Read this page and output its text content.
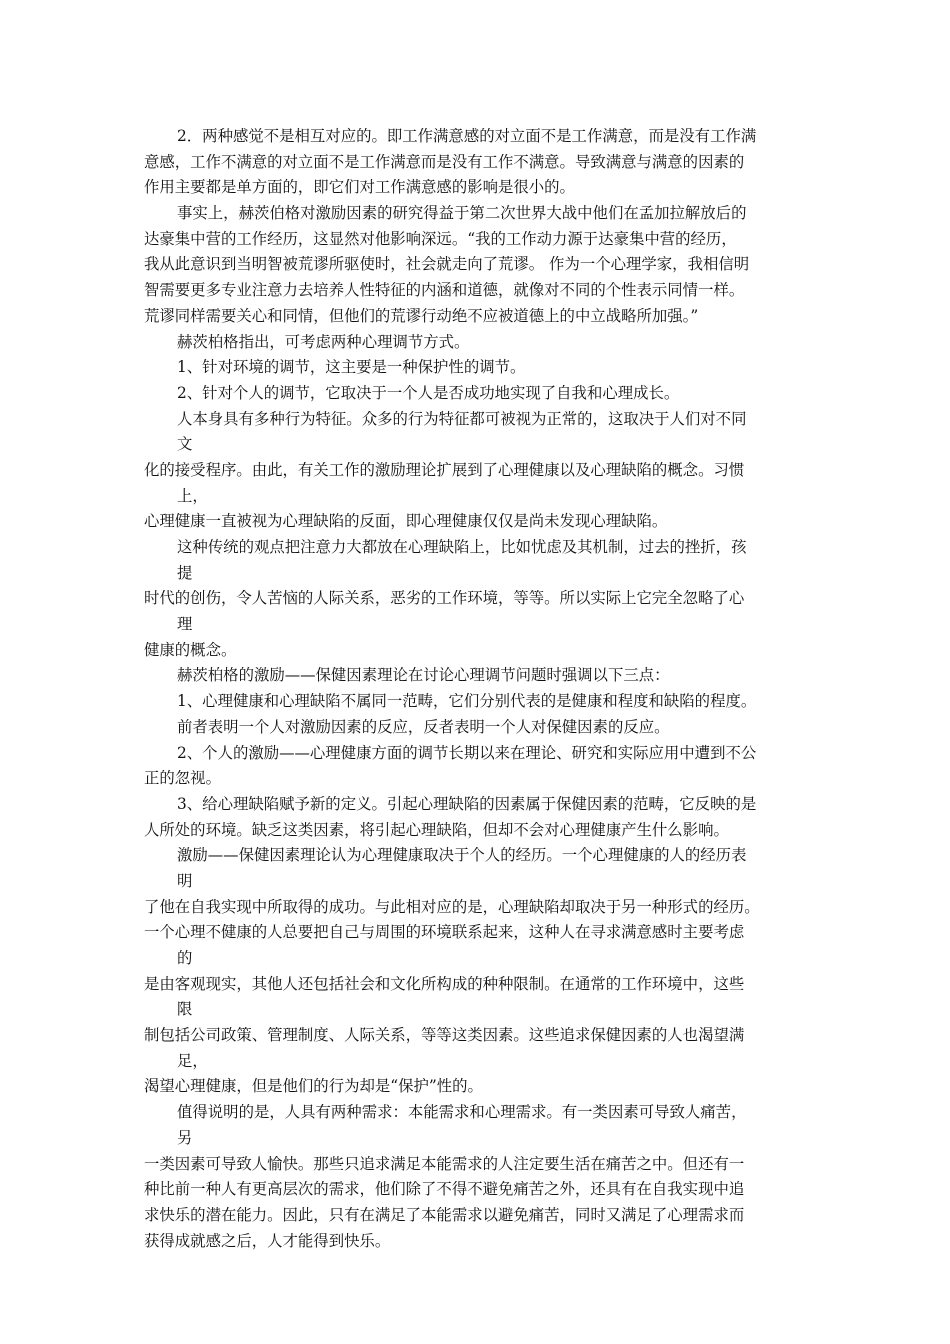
2．两种感觉不是相互对应的。即工作满意感的对立面不是工作满意，而是没有工作满
意感，工作不满意的对立面不是工作满意而是没有工作不满意。导致满意与满意的因素的
作用主要都是单方面的，即它们对工作满意感的影响是很小的。
事实上，赫茨伯格对激励因素的研究得益于第二次世界大战中他们在孟加拉解放后的
达豪集中营的工作经历，这显然对他影响深远。“我的工作动力源于达豪集中营的经历，
我从此意识到当明智被荒谬所驱使时，社会就走向了荒谬。 作为一个心理学家，我相信明
智需要更多专业注意力去培养人性特征的内涵和道德，就像对不同的个性表示同情一样。
荒谬同样需要关心和同情，但他们的荒谬行动绝不应被道德上的中立战略所加强。”
赫茨柏格指出，可考虑两种心理调节方式。
1、针对环境的调节，这主要是一种保护性的调节。
2、针对个人的调节，它取决于一个人是否成功地实现了自我和心理成长。
人本身具有多种行为特征。众多的行为特征都可被视为正常的，这取决于人们对不同
文
化的接受程序。由此，有关工作的激励理论扩展到了心理健康以及心理缺陷的概念。习惯
上，
心理健康一直被视为心理缺陷的反面，即心理健康仅仅是尚未发现心理缺陷。
这种传统的观点把注意力大都放在心理缺陷上，比如忧虑及其机制，过去的挫折，孩
提
时代的创伤，令人苦恼的人际关系，恶劣的工作环境，等等。所以实际上它完全忽略了心
理
健康的概念。
赫茨柏格的激励——保健因素理论在讨论心理调节问题时强调以下三点：
1、心理健康和心理缺陷不属同一范畴，它们分别代表的是健康和程度和缺陷的程度。
前者表明一个人对激励因素的反应，反者表明一个人对保健因素的反应。
2、个人的激励——心理健康方面的调节长期以来在理论、研究和实际应用中遭到不公
正的忽视。
3、给心理缺陷赋予新的定义。引起心理缺陷的因素属于保健因素的范畴，它反映的是
人所处的环境。缺乏这类因素，将引起心理缺陷，但却不会对心理健康产生什么影响。
激励——保健因素理论认为心理健康取决于个人的经历。一个心理健康的人的经历表
明
了他在自我实现中所取得的成功。与此相对应的是，心理缺陷却取决于另一种形式的经历。
一个心理不健康的人总要把自己与周围的环境联系起来，这种人在寻求满意感时主要考虑
的
是由客观现实，其他人还包括社会和文化所构成的种种限制。在通常的工作环境中，这些
限
制包括公司政策、管理制度、人际关系，等等这类因素。这些追求保健因素的人也渴望满
足，
渴望心理健康，但是他们的行为却是“保护”性的。
值得说明的是，人具有两种需求：本能需求和心理需求。有一类因素可导致人痛苦，
另
一类因素可导致人愉快。那些只追求满足本能需求的人注定要生活在痛苦之中。但还有一
种比前一种人有更高层次的需求，他们除了不得不避免痛苦之外，还具有在自我实现中追
求快乐的潜在能力。因此，只有在满足了本能需求以避免痛苦，同时又满足了心理需求而
获得成就感之后，人才能得到快乐。
